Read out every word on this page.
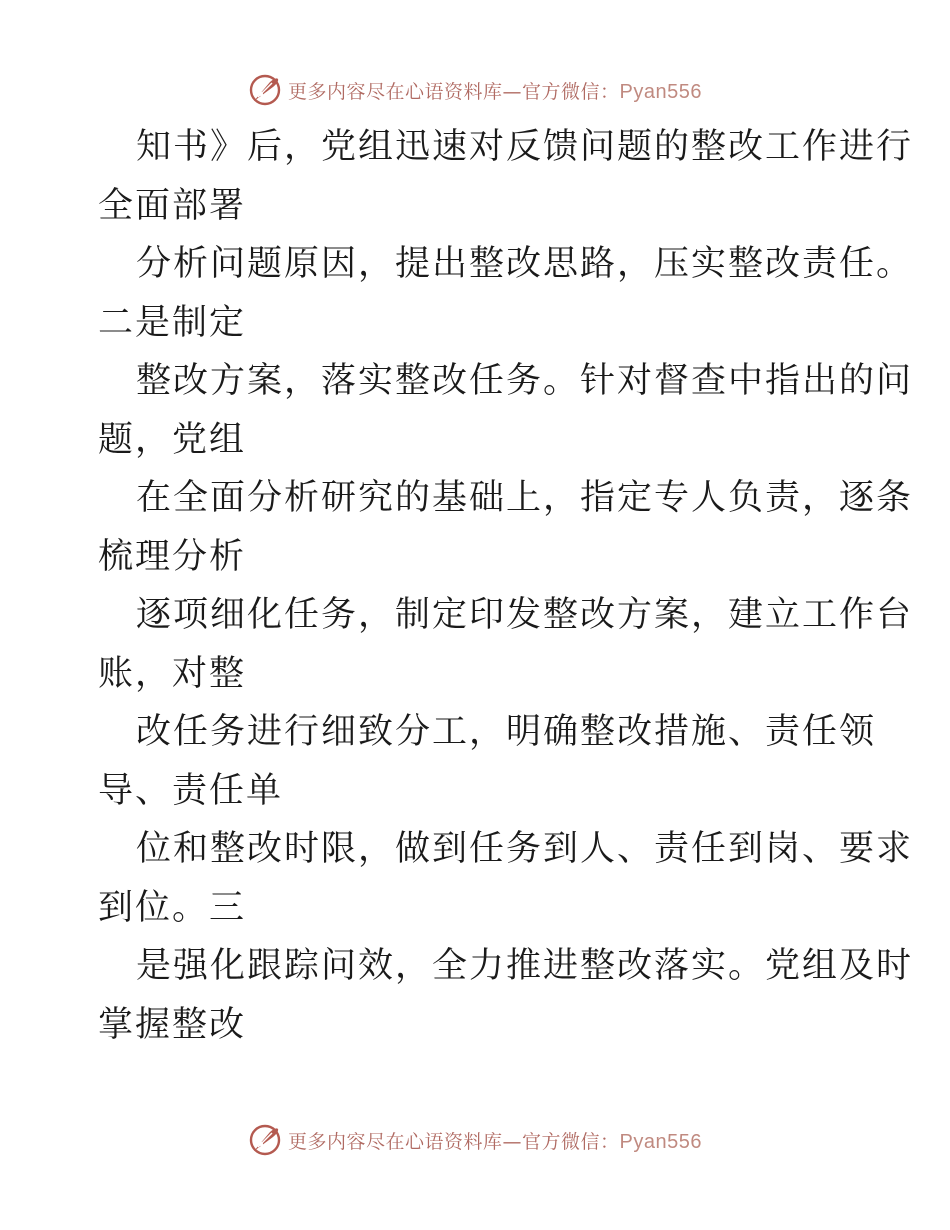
更多内容尽在心语资料库—官方微信：Pyan556
知书》后，党组迅速对反馈问题的整改工作进行
全面部署
分析问题原因，提出整改思路，压实整改责任。
二是制定
整改方案，落实整改任务。针对督查中指出的问
题，党组
在全面分析研究的基础上，指定专人负责，逐条
梳理分析
逐项细化任务，制定印发整改方案，建立工作台
账，对整
改任务进行细致分工，明确整改措施、责任领
导、责任单
位和整改时限，做到任务到人、责任到岗、要求
到位。三
是强化跟踪问效，全力推进整改落实。党组及时
掌握整改
更多内容尽在心语资料库—官方微信：Pyan556
